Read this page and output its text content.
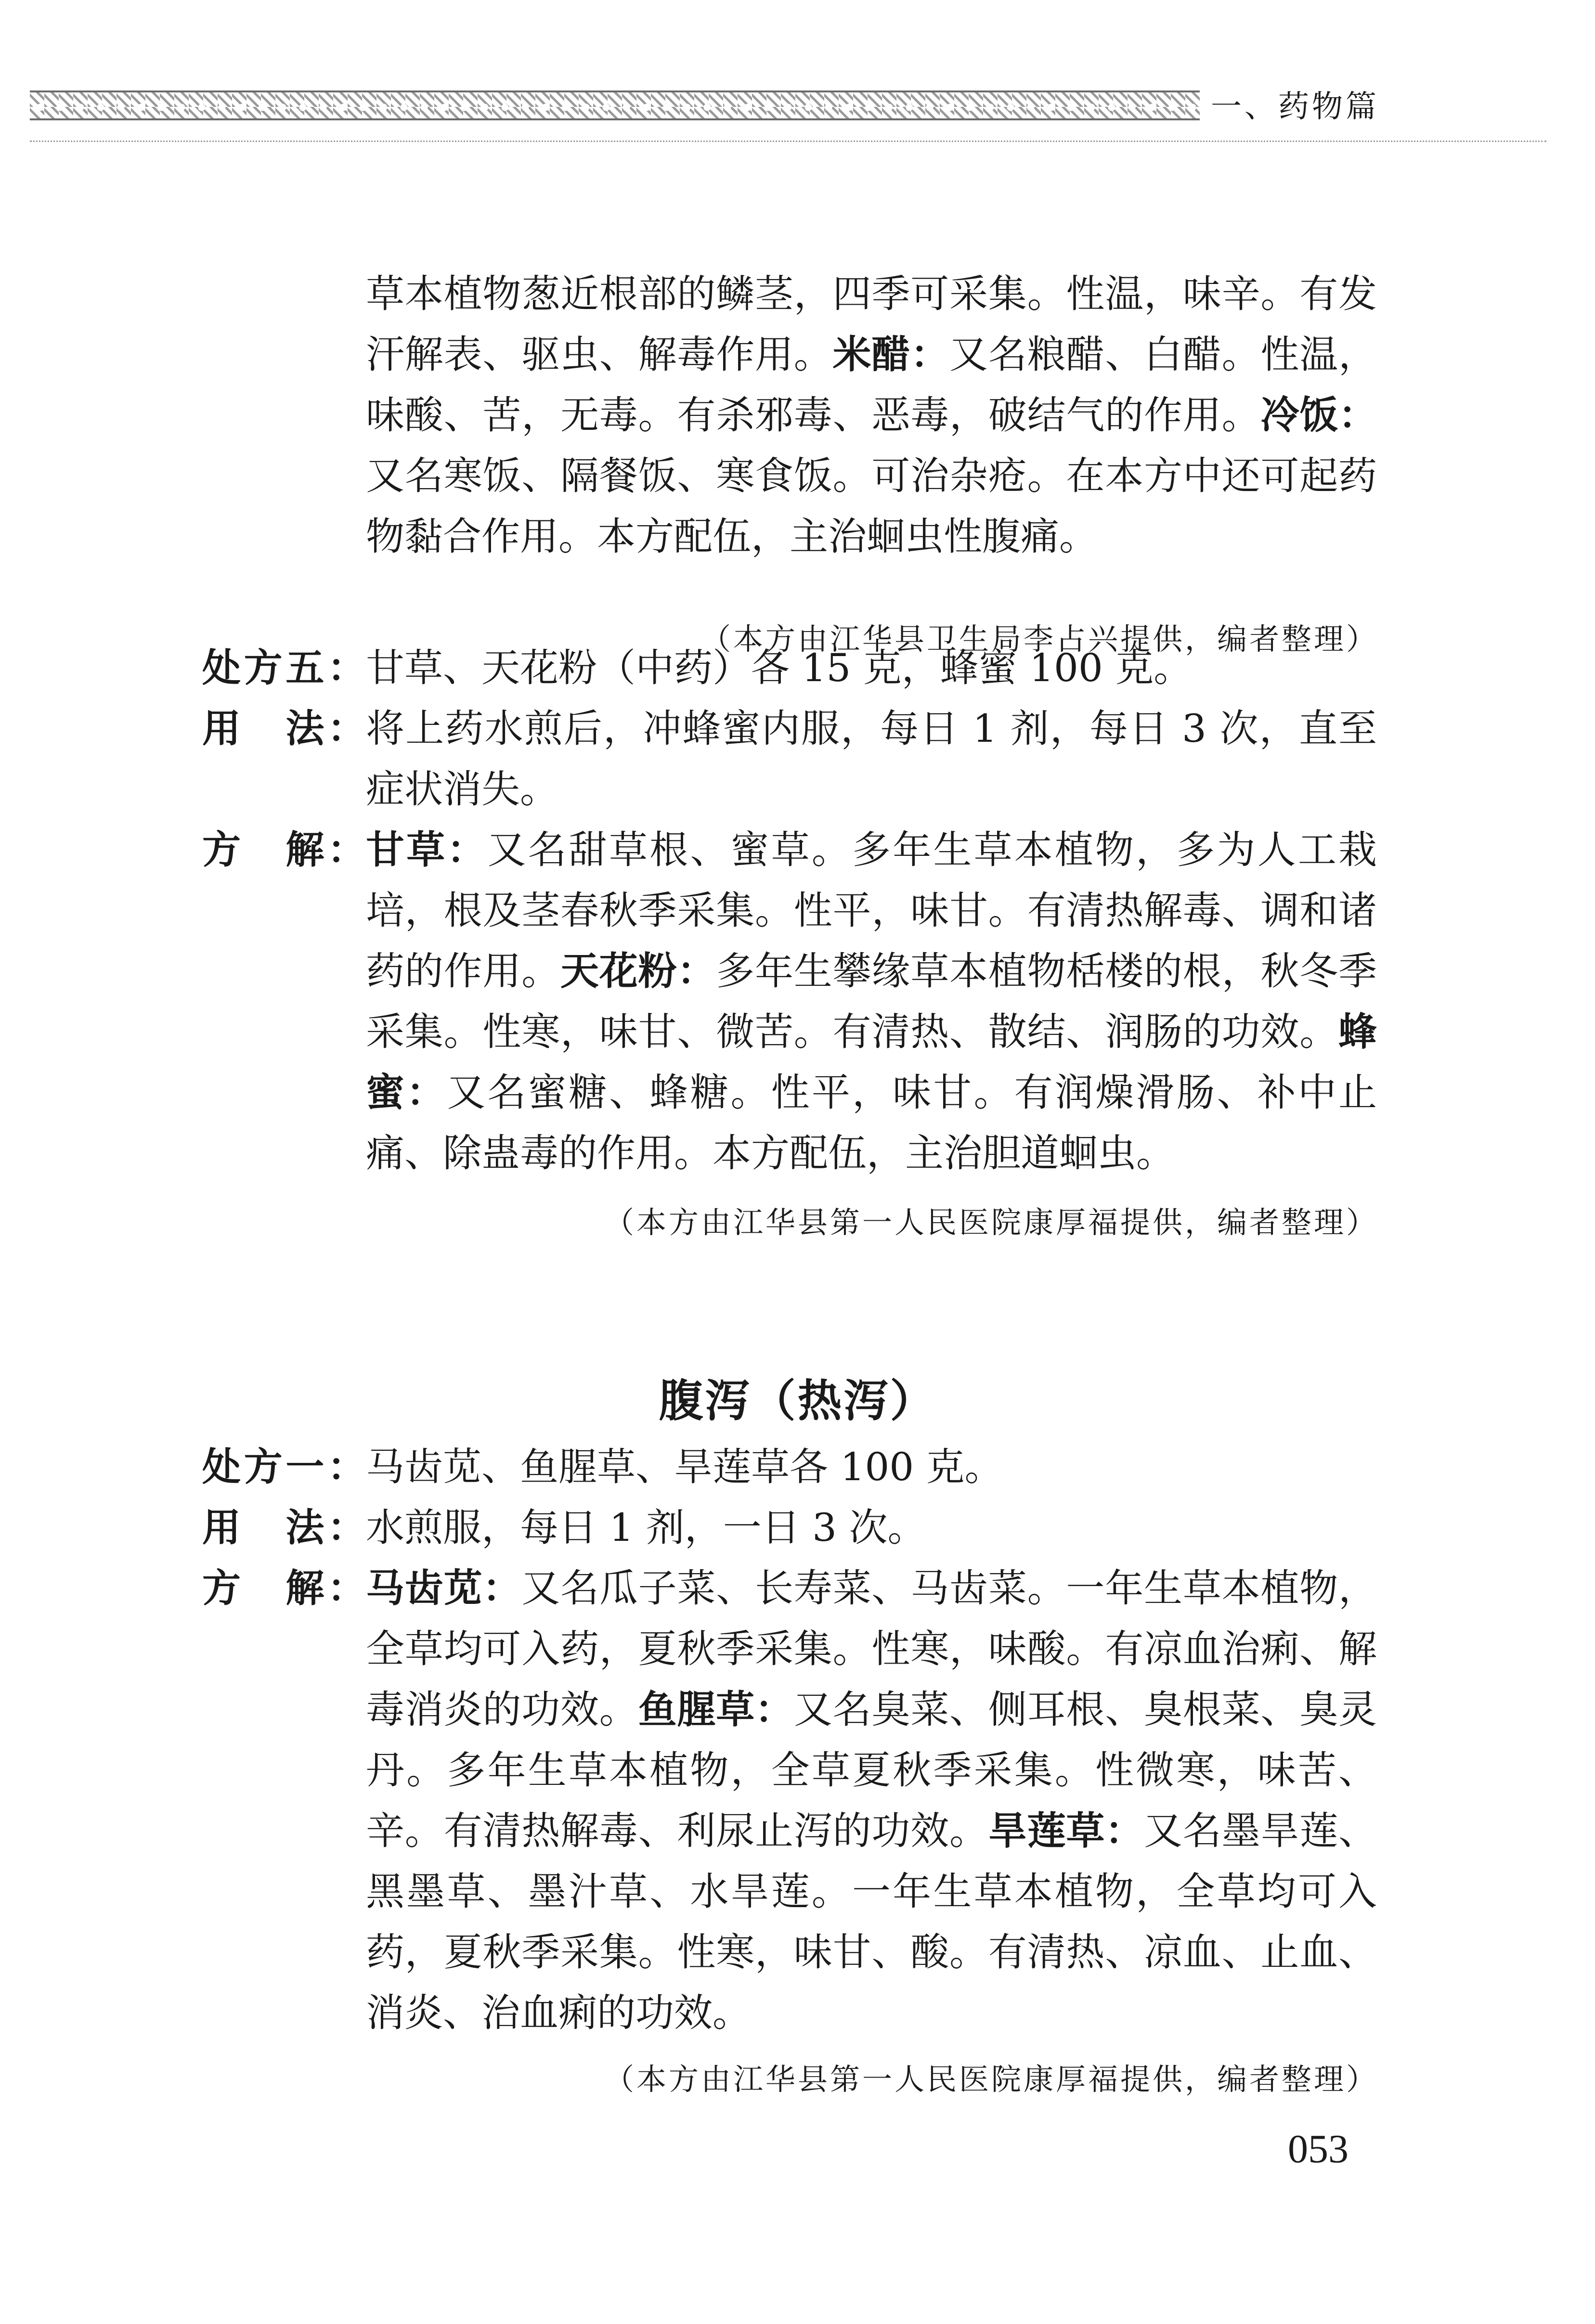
一、药物篇
草本植物葱近根部的鳞茎，四季可采集。性温，味辛。有发汗解表、驱虫、解毒作用。米醋：又名粮醋、白醋。性温，味酸、苦，无毒。有杀邪毒、恶毒，破结气的作用。冷饭：又名寒饭、隔餐饭、寒食饭。可治杂疮。在本方中还可起药物黏合作用。本方配伍，主治蛔虫性腹痛。
（本方由江华县卫生局李占兴提供，编者整理）
处方五： 甘草、天花粉（中药）各 15 克，蜂蜜 100 克。
用　法： 将上药水煎后，冲蜂蜜内服，每日 1 剂，每日 3 次，直至症状消失。
方　解： 甘草：又名甜草根、蜜草。多年生草本植物，多为人工栽培，根及茎春秋季采集。性平，味甘。有清热解毒、调和诸药的作用。天花粉：多年生攀缘草本植物栝楼的根，秋冬季采集。性寒，味甘、微苦。有清热、散结、润肠的功效。蜂蜜：又名蜜糖、蜂糖。性平，味甘。有润燥滑肠、补中止痛、除蛊毒的作用。本方配伍，主治胆道蛔虫。
（本方由江华县第一人民医院康厚福提供，编者整理）
腹泻（热泻）
处方一： 马齿苋、鱼腥草、旱莲草各 100 克。
用　法： 水煎服，每日 1 剂，一日 3 次。
方　解： 马齿苋：又名瓜子菜、长寿菜、马齿菜。一年生草本植物，全草均可入药，夏秋季采集。性寒，味酸。有凉血治痢、解毒消炎的功效。鱼腥草：又名臭菜、侧耳根、臭根菜、臭灵丹。多年生草本植物，全草夏秋季采集。性微寒，味苦、辛。有清热解毒、利尿止泻的功效。旱莲草：又名墨旱莲、黑墨草、墨汁草、水旱莲。一年生草本植物，全草均可入药，夏秋季采集。性寒，味甘、酸。有清热、凉血、止血、消炎、治血痢的功效。
（本方由江华县第一人民医院康厚福提供，编者整理）
053
